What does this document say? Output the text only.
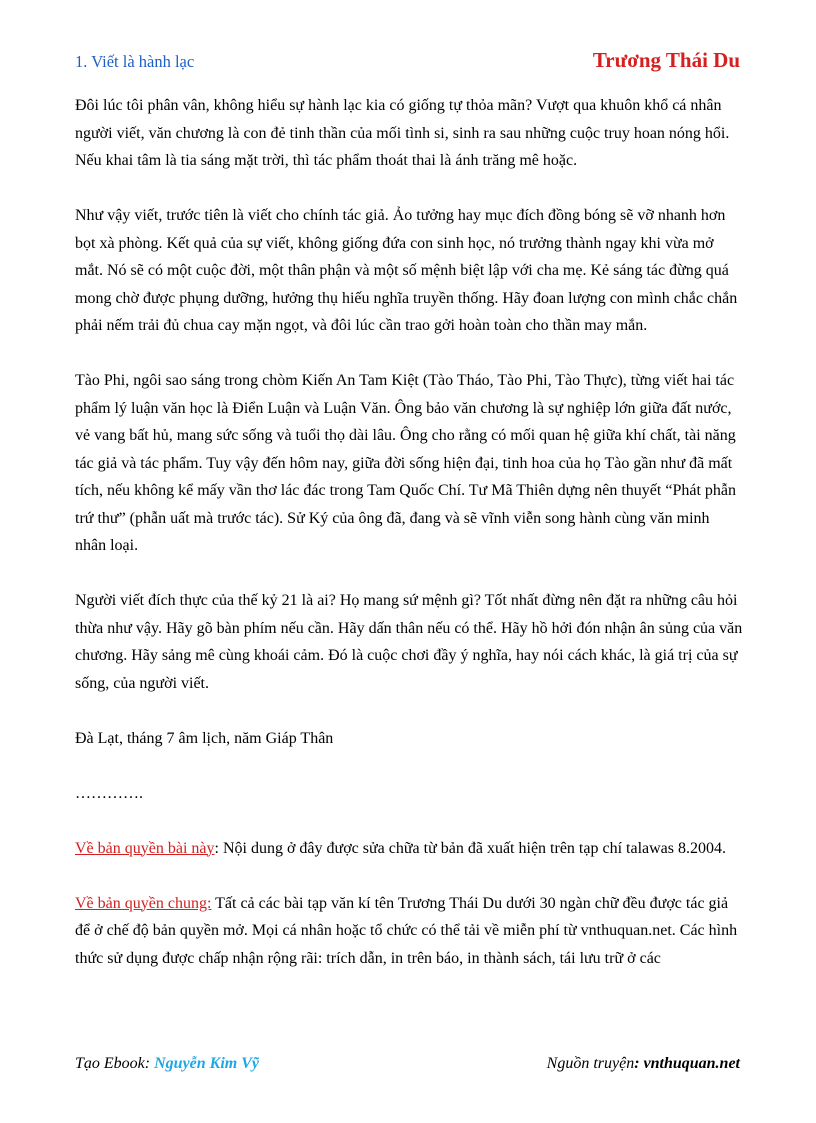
1. Viết là hành lạc	Trương Thái Du

Đôi lúc tôi phân vân, không hiểu sự hành lạc kia có giống tự thỏa mãn? Vượt qua khuôn khổ cá nhân người viết, văn chương là con đẻ tinh thần của mối tình si, sinh ra sau những cuộc truy hoan nóng hổi. Nếu khai tâm là tia sáng mặt trời, thì tác phẩm thoát thai là ánh trăng mê hoặc.

Như vậy viết, trước tiên là viết cho chính tác giả. Ảo tưởng hay mục đích đồng bóng sẽ vỡ nhanh hơn bọt xà phòng. Kết quả của sự viết, không giống đứa con sinh học, nó trưởng thành ngay khi vừa mở mắt. Nó sẽ có một cuộc đời, một thân phận và một số mệnh biệt lập với cha mẹ. Kẻ sáng tác đừng quá mong chờ được phụng dưỡng, hưởng thụ hiếu nghĩa truyền thống. Hãy đoan lượng con mình chắc chắn phải nếm trải đủ chua cay mặn ngọt, và đôi lúc cần trao gởi hoàn toàn cho thần may mắn.

Tào Phi, ngôi sao sáng trong chòm Kiến An Tam Kiệt (Tào Tháo, Tào Phi, Tào Thực), từng viết hai tác phẩm lý luận văn học là Điển Luận và Luận Văn. Ông bảo văn chương là sự nghiệp lớn giữa đất nước, vẻ vang bất hủ, mang sức sống và tuổi thọ dài lâu. Ông cho rằng có mối quan hệ giữa khí chất, tài năng tác giả và tác phẩm. Tuy vậy đến hôm nay, giữa đời sống hiện đại, tinh hoa của họ Tào gần như đã mất tích, nếu không kể mấy vần thơ lác đác trong Tam Quốc Chí. Tư Mã Thiên dựng nên thuyết “Phát phẫn trứ thư” (phẫn uất mà trước tác). Sử Ký của ông đã, đang và sẽ vĩnh viễn song hành cùng văn minh nhân loại.

Người viết đích thực của thế kỷ 21 là ai? Họ mang sứ mệnh gì? Tốt nhất đừng nên đặt ra những câu hỏi thừa như vậy. Hãy gõ bàn phím nếu cần. Hãy dấn thân nếu có thể. Hãy hồ hởi đón nhận ân sủng của văn chương. Hãy sảng mê cùng khoái cảm. Đó là cuộc chơi đầy ý nghĩa, hay nói cách khác, là giá trị của sự sống, của người viết.

Đà Lạt, tháng 7 âm lịch, năm Giáp Thân

………….

Về bản quyền bài này: Nội dung ở đây được sửa chữa từ bản đã xuất hiện trên tạp chí talawas 8.2004.

Về bản quyền chung: Tất cả các bài tạp văn kí tên Trương Thái Du dưới 30 ngàn chữ đều được tác giả để ở chế độ bản quyền mở. Mọi cá nhân hoặc tổ chức có thể tải về miễn phí từ vnthuquan.net. Các hình thức sử dụng được chấp nhận rộng rãi: trích dẫn, in trên báo, in thành sách, tái lưu trữ ở các

Tạo Ebook: Nguyễn Kim Vỹ	Nguồn truyện: vnthuquan.net
